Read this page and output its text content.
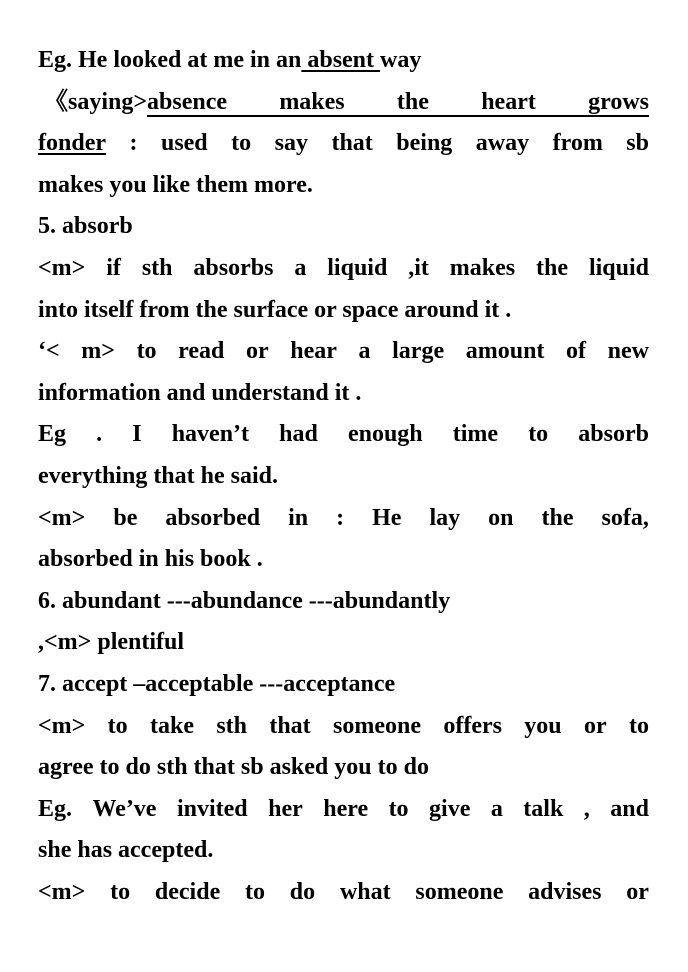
Eg. He looked at me in an absent way
《 saying > absence	makes	the	heart	grows
fonder : used to say that being away from sb
makes you like them more.
5. absorb
<m> if sth absorbs a liquid ,it makes the liquid
into itself from the surface or space around it .
‘< m> to read or hear a large amount of new
information and understand it .
Eg . I haven’t had enough time to absorb
everything that he said.
<m> be absorbed in : He lay on the sofa,
absorbed in his book .
6. abundant ---abundance ---abundantly
,<m> plentiful
7. accept –acceptable ---acceptance
<m> to take sth that someone offers you or to
agree to do sth that sb asked you to do
Eg. We’ve invited her here to give a talk , and
she has accepted.
<m> to decide to do what someone advises or
